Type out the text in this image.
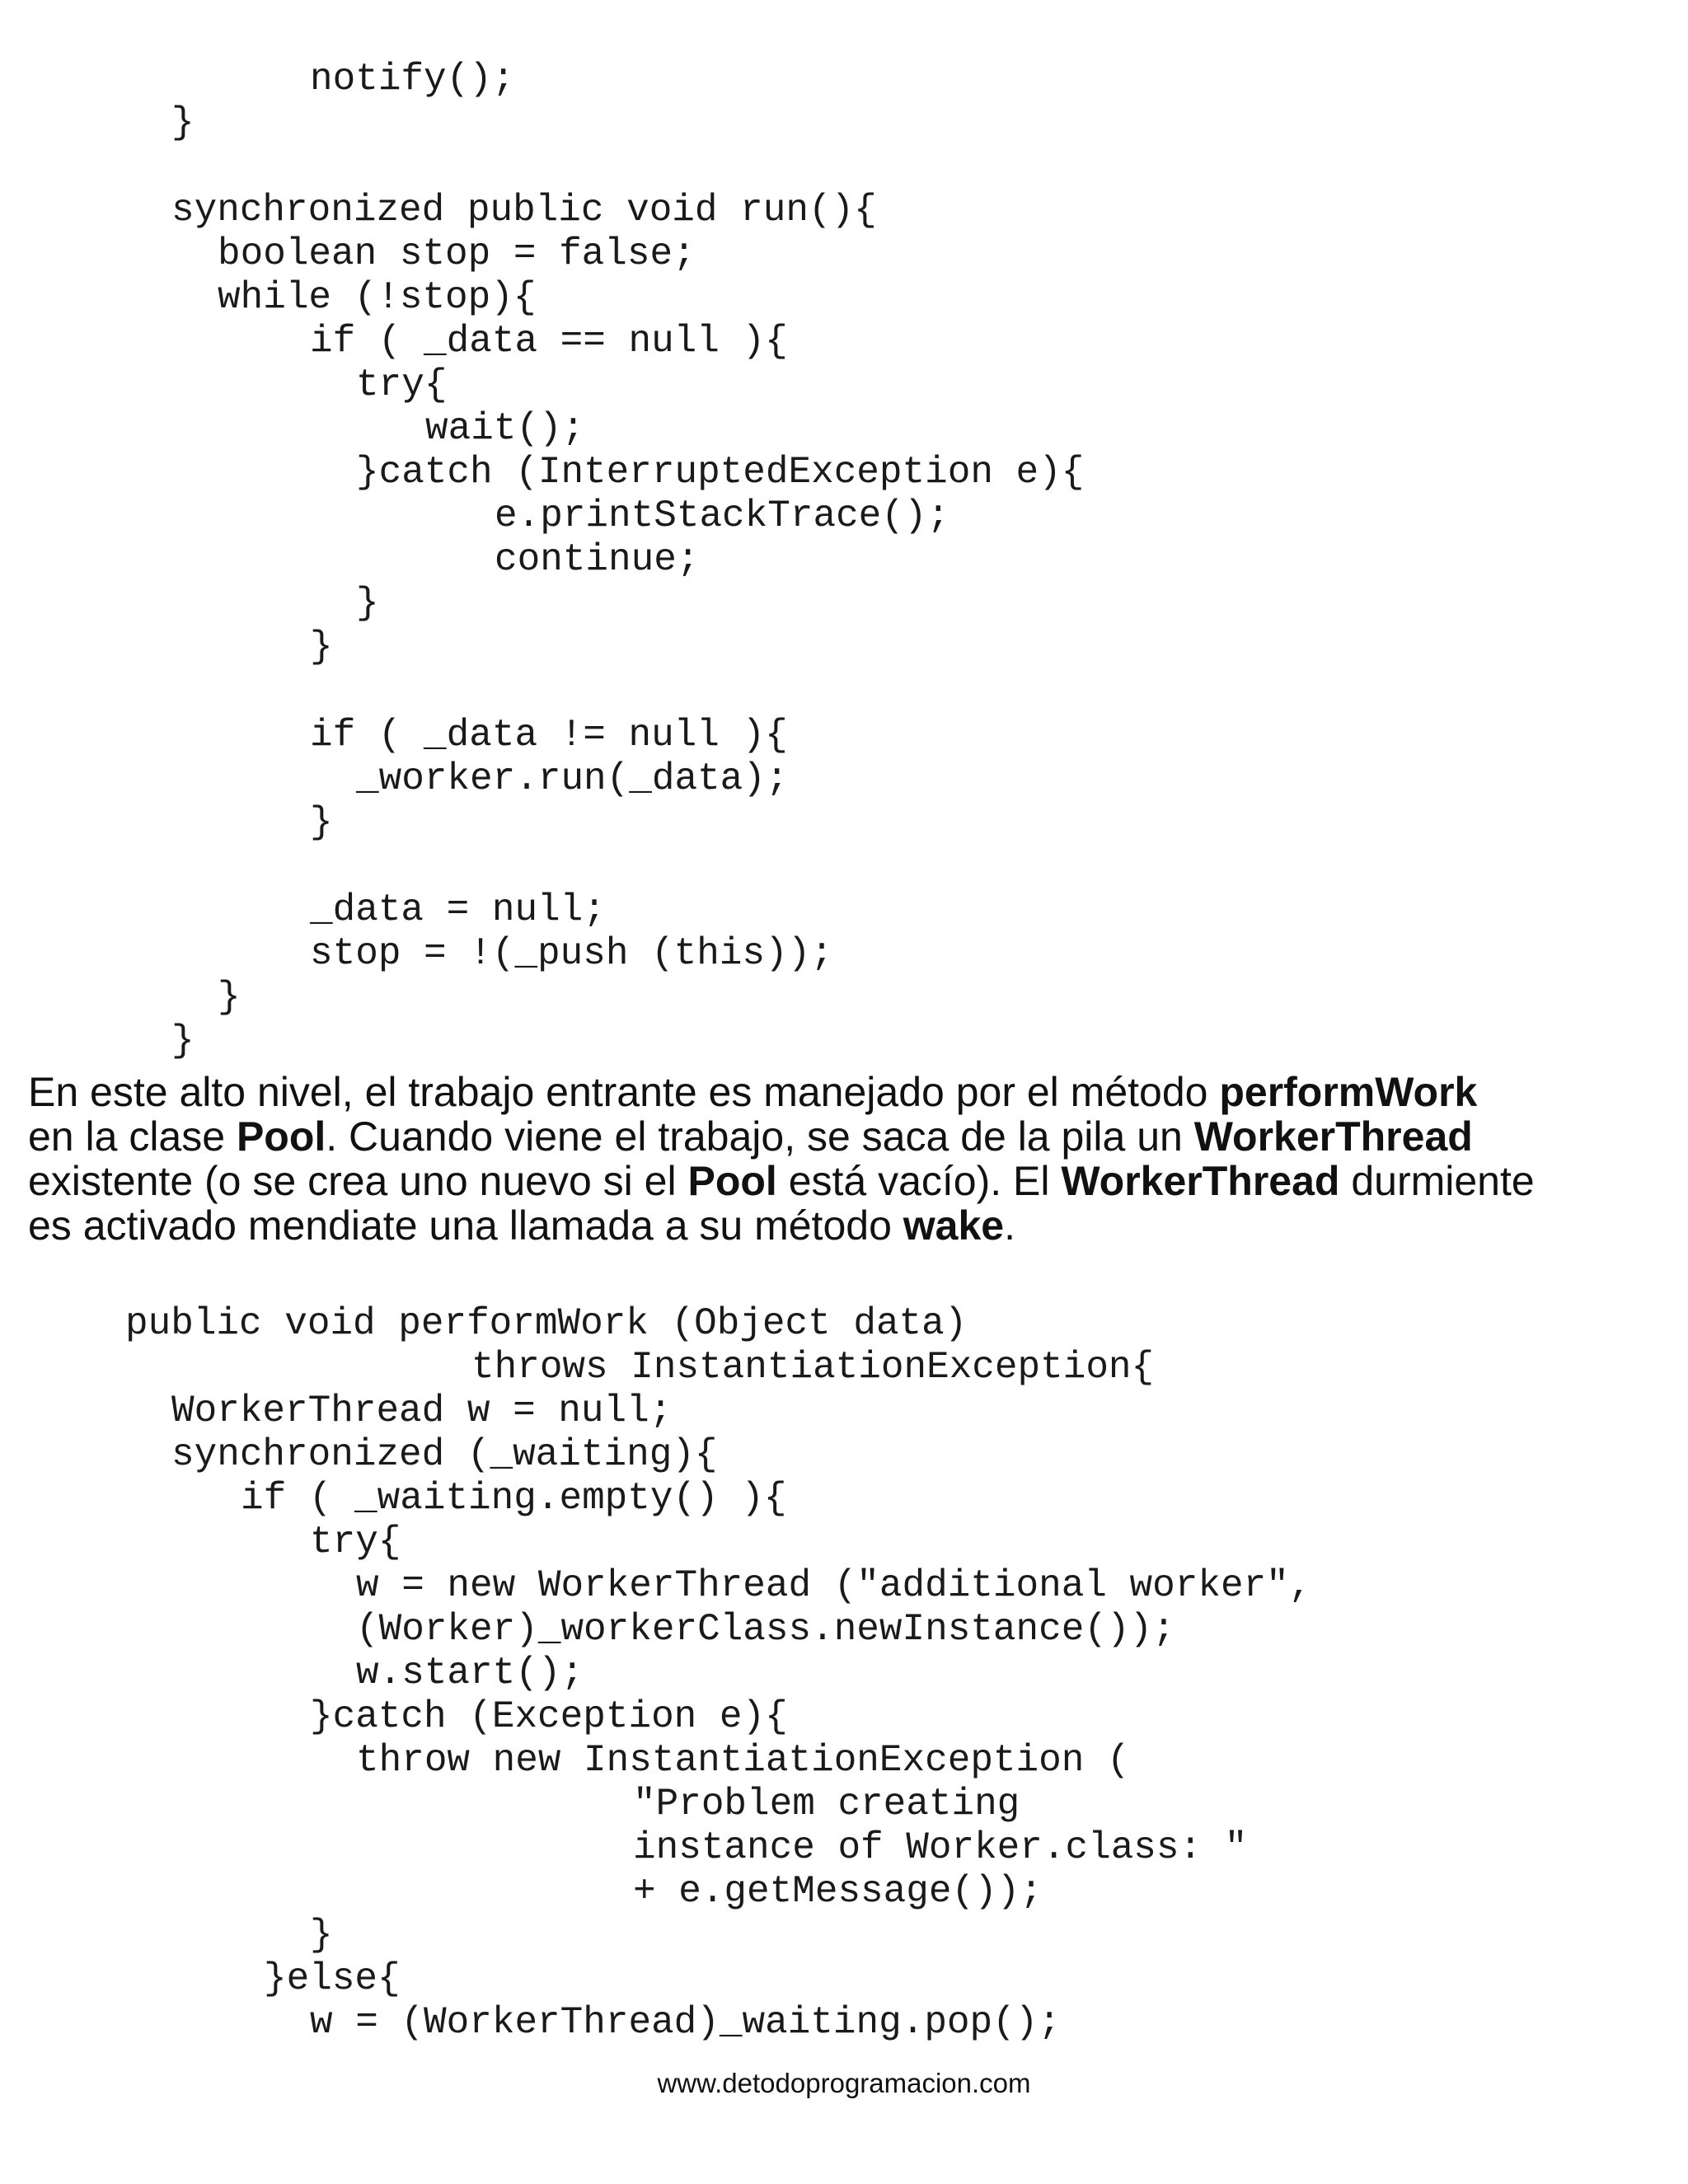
notify();
}
synchronized public void run(){
boolean stop = false;
while (!stop){
if ( _data == null ){
try{
wait();
}catch (InterruptedException e){
e.printStackTrace();
continue;
}
}
if ( _data != null ){
_worker.run(_data);
}
_data = null;
stop = !(_push (this));
}
}
En este alto nivel, el trabajo entrante es manejado por el método performWork
en la clase Pool. Cuando viene el trabajo, se saca de la pila un WorkerThread
existente (o se crea uno nuevo si el Pool está vacío). El WorkerThread durmiente
es activado mendiate una llamada a su método wake.
public void performWork (Object data)
throws InstantiationException{
WorkerThread w = null;
synchronized (_waiting){
if ( _waiting.empty() ){
try{
w = new WorkerThread ("additional worker",
(Worker)_workerClass.newInstance());
w.start();
}catch (Exception e){
throw new InstantiationException (
"Problem creating
instance of Worker.class: "
+ e.getMessage());
}
}else{
w = (WorkerThread)_waiting.pop();
www.detodoprogramacion.com
